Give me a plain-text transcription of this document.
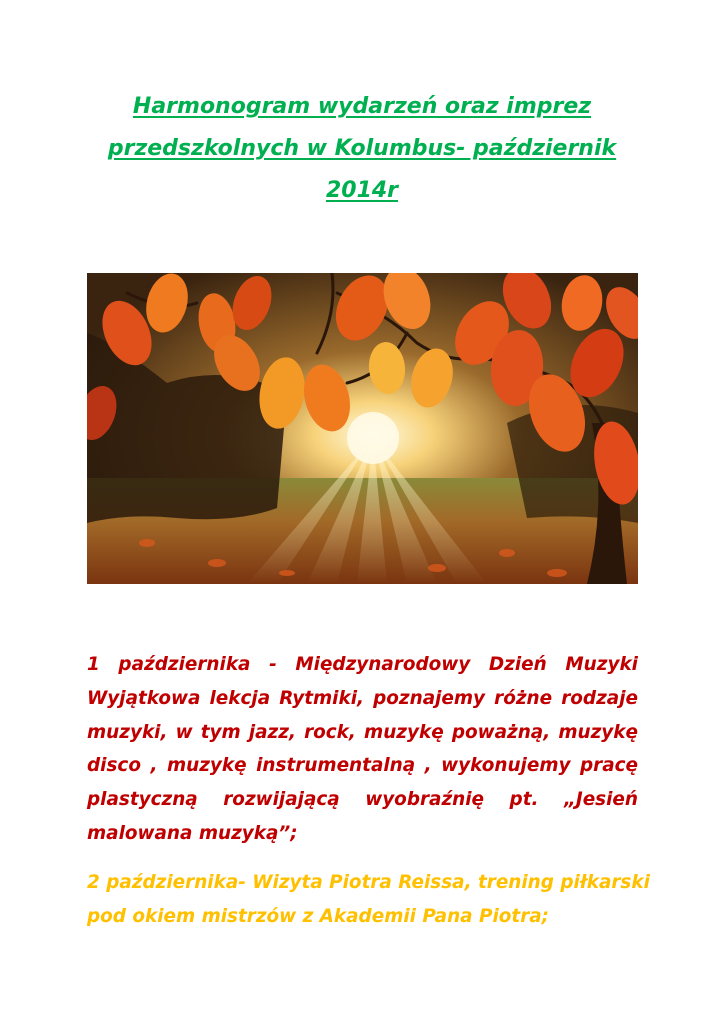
Harmonogram wydarzeń oraz imprez
przedszkolnych w Kolumbus- październik
2014r
1 października - Międzynarodowy Dzień Muzyki
Wyjątkowa lekcja Rytmiki, poznajemy różne rodzaje
muzyki, w tym jazz, rock, muzykę poważną, muzykę
disco , muzykę instrumentalną , wykonujemy pracę
plastyczną rozwijającą wyobraźnię pt. „Jesień
malowana muzyką”;
2 października- Wizyta Piotra Reissa, trening piłkarski
pod okiem mistrzów z Akademii Pana Piotra;
